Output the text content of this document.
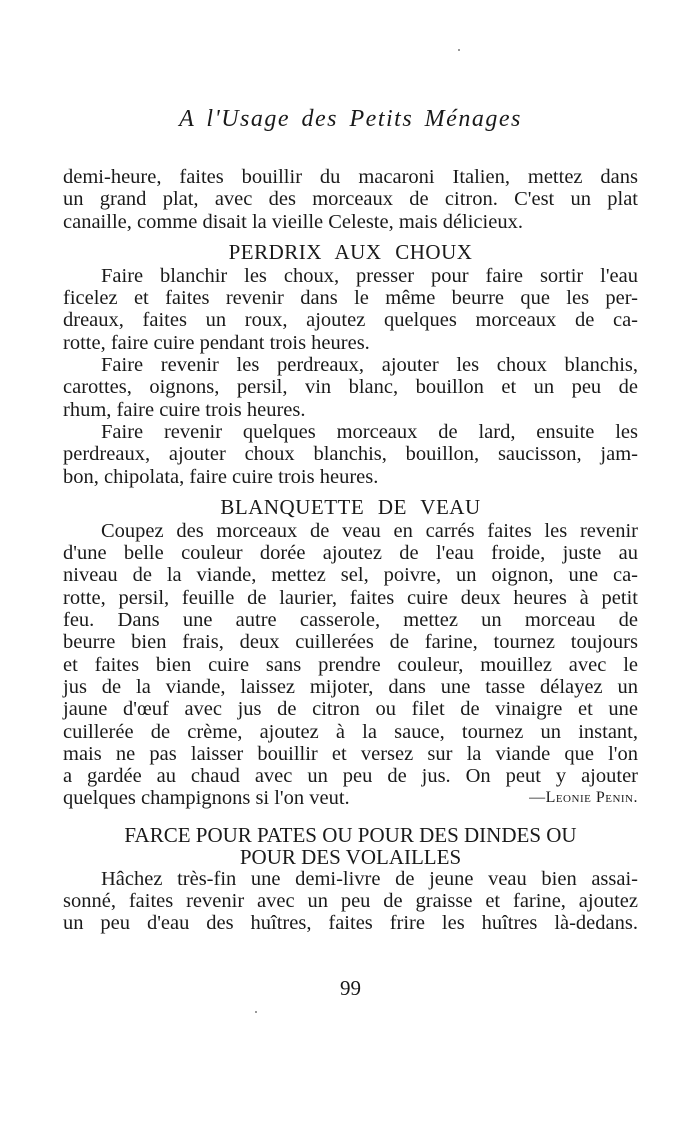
A l'Usage des Petits Ménages
demi-heure, faites bouillir du macaroni Italien, mettez dans
un grand plat, avec des morceaux de citron. C'est un plat
canaille, comme disait la vieille Celeste, mais délicieux.
PERDRIX AUX CHOUX
Faire blanchir les choux, presser pour faire sortir l'eau
ficelez et faites revenir dans le même beurre que les per-
dreaux, faites un roux, ajoutez quelques morceaux de ca-
rotte, faire cuire pendant trois heures.
Faire revenir les perdreaux, ajouter les choux blanchis,
carottes, oignons, persil, vin blanc, bouillon et un peu de
rhum, faire cuire trois heures.
Faire revenir quelques morceaux de lard, ensuite les
perdreaux, ajouter choux blanchis, bouillon, saucisson, jam-
bon, chipolata, faire cuire trois heures.
BLANQUETTE DE VEAU
Coupez des morceaux de veau en carrés faites les revenir
d'une belle couleur dorée ajoutez de l'eau froide, juste au
niveau de la viande, mettez sel, poivre, un oignon, une ca-
rotte, persil, feuille de laurier, faites cuire deux heures à petit
feu. Dans une autre casserole, mettez un morceau de
beurre bien frais, deux cuillerées de farine, tournez toujours
et faites bien cuire sans prendre couleur, mouillez avec le
jus de la viande, laissez mijoter, dans une tasse délayez un
jaune d'œuf avec jus de citron ou filet de vinaigre et une
cuillerée de crème, ajoutez à la sauce, tournez un instant,
mais ne pas laisser bouillir et versez sur la viande que l'on
a gardée au chaud avec un peu de jus. On peut y ajouter
quelques champignons si l'on veut.	—Leonie Penin.
FARCE POUR PATES OU POUR DES DINDES OU
POUR DES VOLAILLES
Hâchez très-fin une demi-livre de jeune veau bien assai-
sonné, faites revenir avec un peu de graisse et farine, ajoutez
un peu d'eau des huîtres, faites frire les huîtres là-dedans.
99
